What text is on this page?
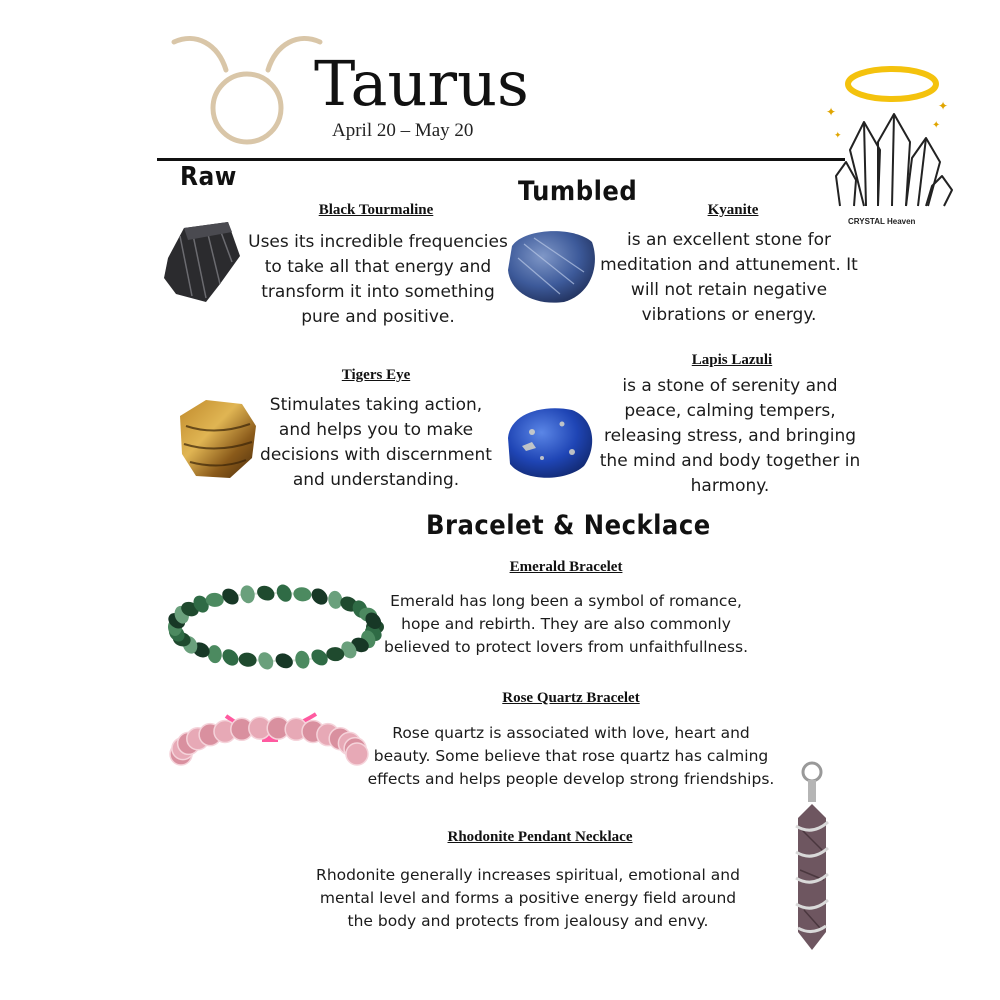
Taurus
April 20 – May 20
✦	✦
✦
✦
CRYSTAL Heaven
Raw	Tumbled
Black Tourmaline
Uses its incredible frequencies to take all that energy and transform it into something pure and positive.
Kyanite
is an excellent stone for meditation and attunement. It will not retain negative vibrations or energy.
Tigers Eye
Stimulates taking action, and helps you to make decisions with discernment and understanding.
Lapis Lazuli
is a stone of serenity and peace, calming tempers, releasing stress, and bringing the mind and body together in harmony.
Bracelet & Necklace
Emerald Bracelet
Emerald has long been a symbol of romance, hope and rebirth. They are also commonly believed to protect lovers from unfaithfullness.
Rose Quartz Bracelet
Rose quartz is associated with love, heart and beauty. Some believe that rose quartz has calming effects and helps people develop strong friendships.
Rhodonite Pendant Necklace
Rhodonite generally increases spiritual, emotional and mental level and forms a positive energy field around the body and protects from jealousy and envy.
